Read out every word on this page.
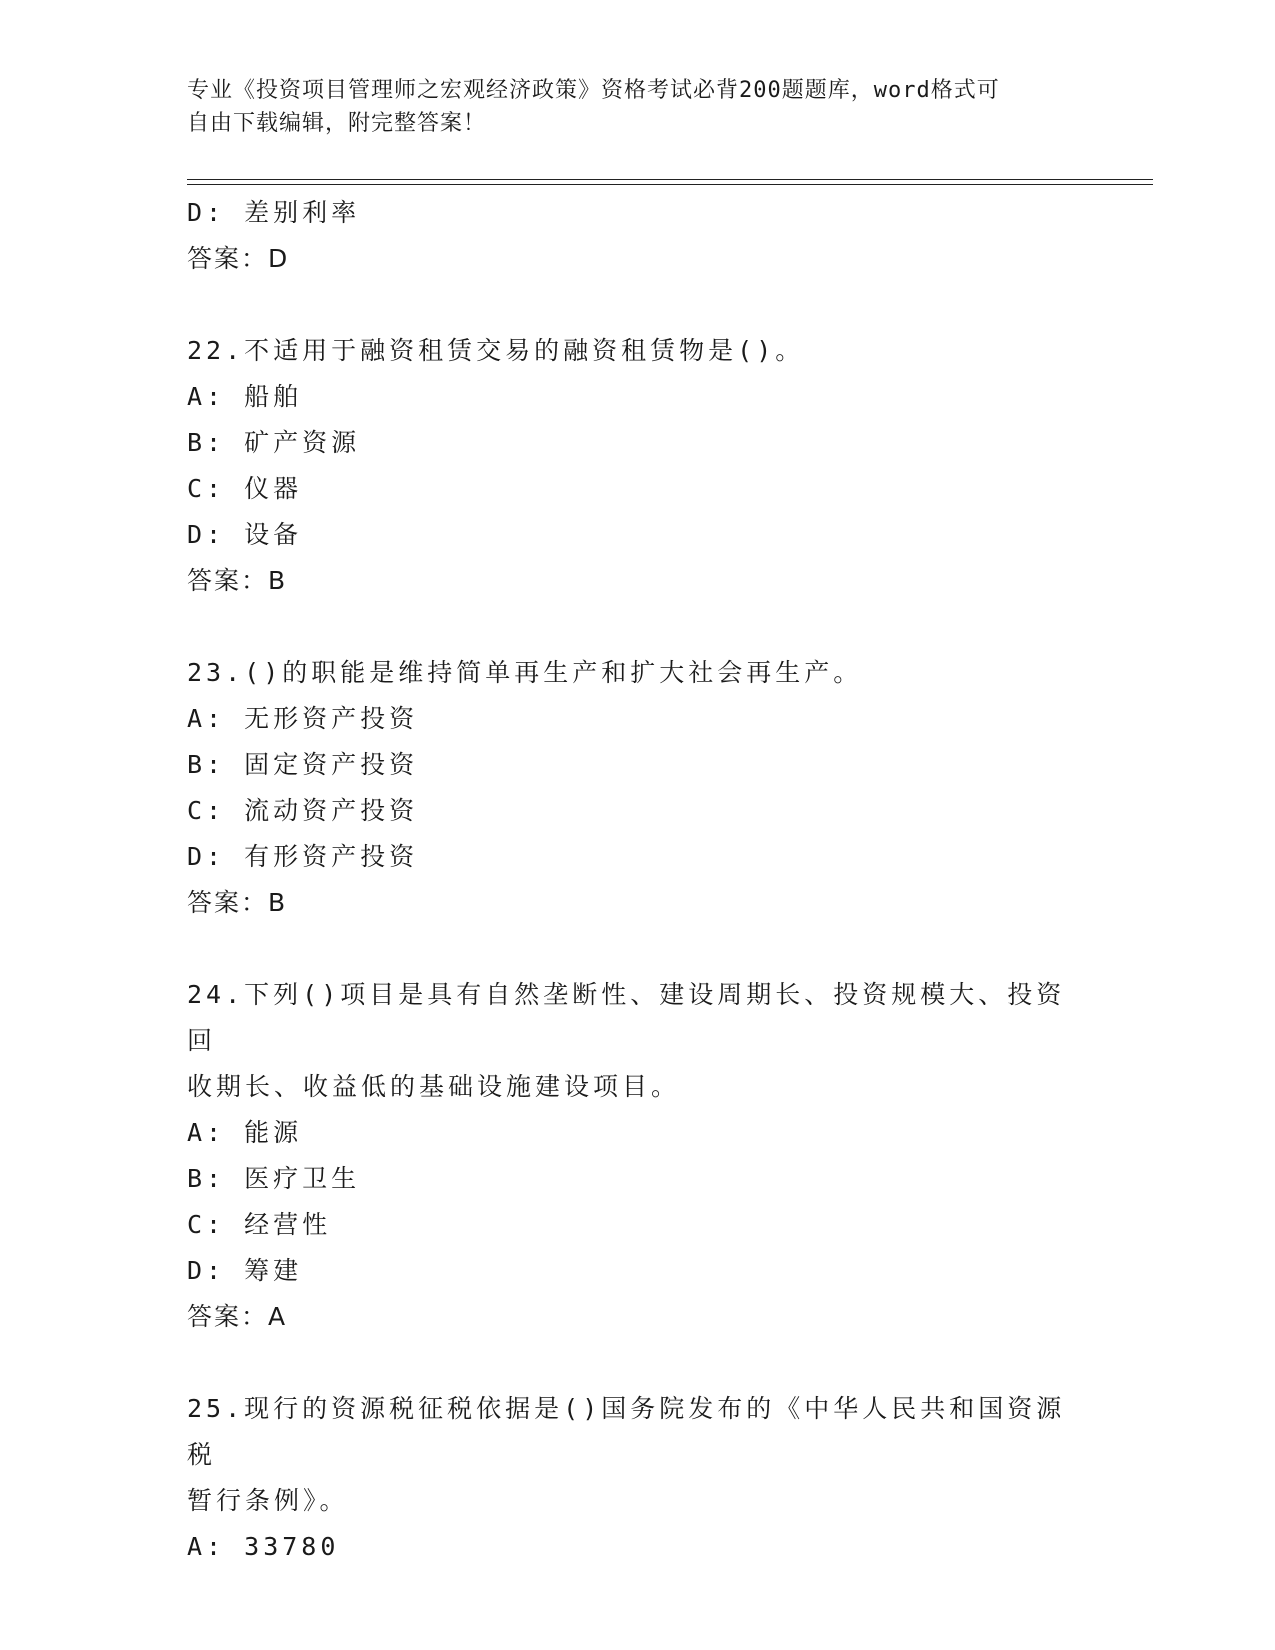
专业《投资项目管理师之宏观经济政策》资格考试必背200题题库，word格式可
自由下载编辑，附完整答案！
D: 差别利率
答案：D
22.不适用于融资租赁交易的融资租赁物是()。
A: 船舶
B: 矿产资源
C: 仪器
D: 设备
答案：B
23.()的职能是维持简单再生产和扩大社会再生产。
A: 无形资产投资
B: 固定资产投资
C: 流动资产投资
D: 有形资产投资
答案：B
24.下列()项目是具有自然垄断性、建设周期长、投资规模大、投资回
收期长、收益低的基础设施建设项目。
A: 能源
B: 医疗卫生
C: 经营性
D: 筹建
答案：A
25.现行的资源税征税依据是()国务院发布的《中华人民共和国资源税
暂行条例》。
A: 33780
